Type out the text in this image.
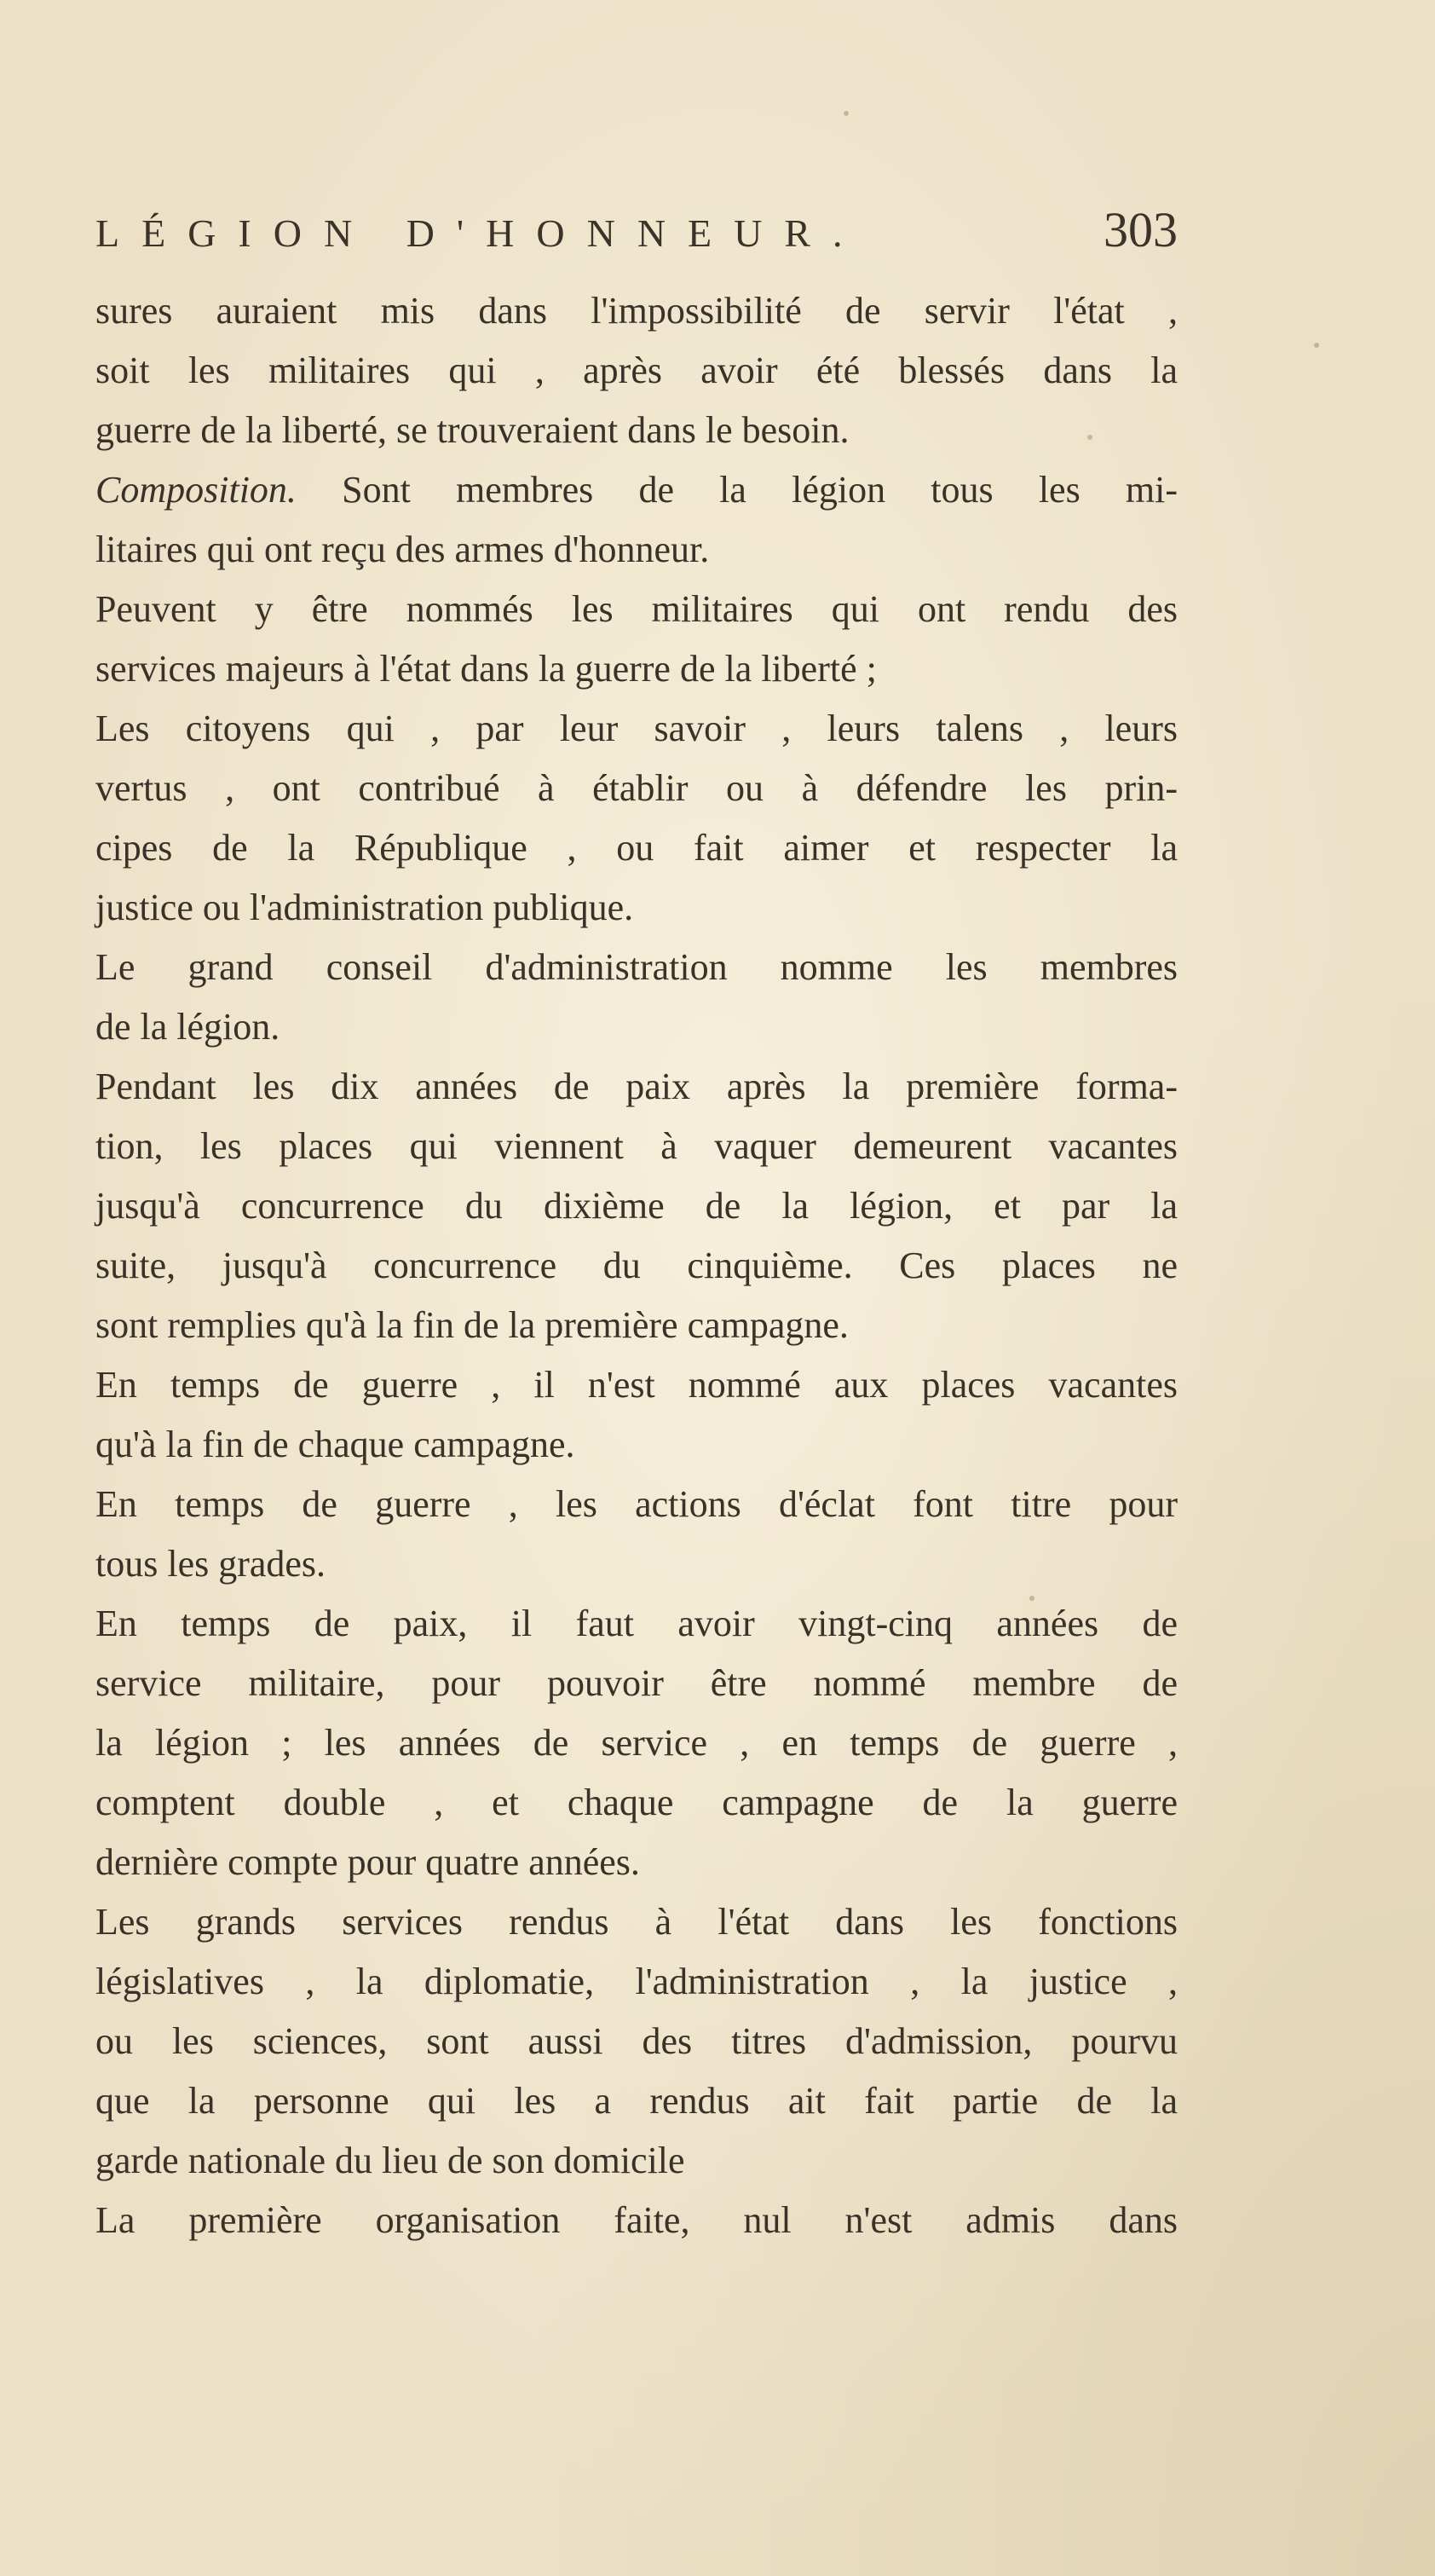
LÉGION D'HONNEUR.	303
sures auraient mis dans l'impossibilité de servir l'état ,
soit les militaires qui , après avoir été blessés dans la
guerre de la liberté, se trouveraient dans le besoin.
Composition. Sont membres de la légion tous les mi-
litaires qui ont reçu des armes d'honneur.
Peuvent y être nommés les militaires qui ont rendu des
services majeurs à l'état dans la guerre de la liberté ;
Les citoyens qui , par leur savoir , leurs talens , leurs
vertus , ont contribué à établir ou à défendre les prin-
cipes de la République , ou fait aimer et respecter la
justice ou l'administration publique.
Le grand conseil d'administration nomme les membres
de la légion.
Pendant les dix années de paix après la première forma-
tion, les places qui viennent à vaquer demeurent vacantes
jusqu'à concurrence du dixième de la légion, et par la
suite, jusqu'à concurrence du cinquième. Ces places ne
sont remplies qu'à la fin de la première campagne.
En temps de guerre , il n'est nommé aux places vacantes
qu'à la fin de chaque campagne.
En temps de guerre , les actions d'éclat font titre pour
tous les grades.
En temps de paix, il faut avoir vingt-cinq années de
service militaire, pour pouvoir être nommé membre de
la légion ; les années de service , en temps de guerre ,
comptent double , et chaque campagne de la guerre
dernière compte pour quatre années.
Les grands services rendus à l'état dans les fonctions
législatives , la diplomatie, l'administration , la justice ,
ou les sciences, sont aussi des titres d'admission, pourvu
que la personne qui les a rendus ait fait partie de la
garde nationale du lieu de son domicile
La première organisation faite, nul n'est admis dans
